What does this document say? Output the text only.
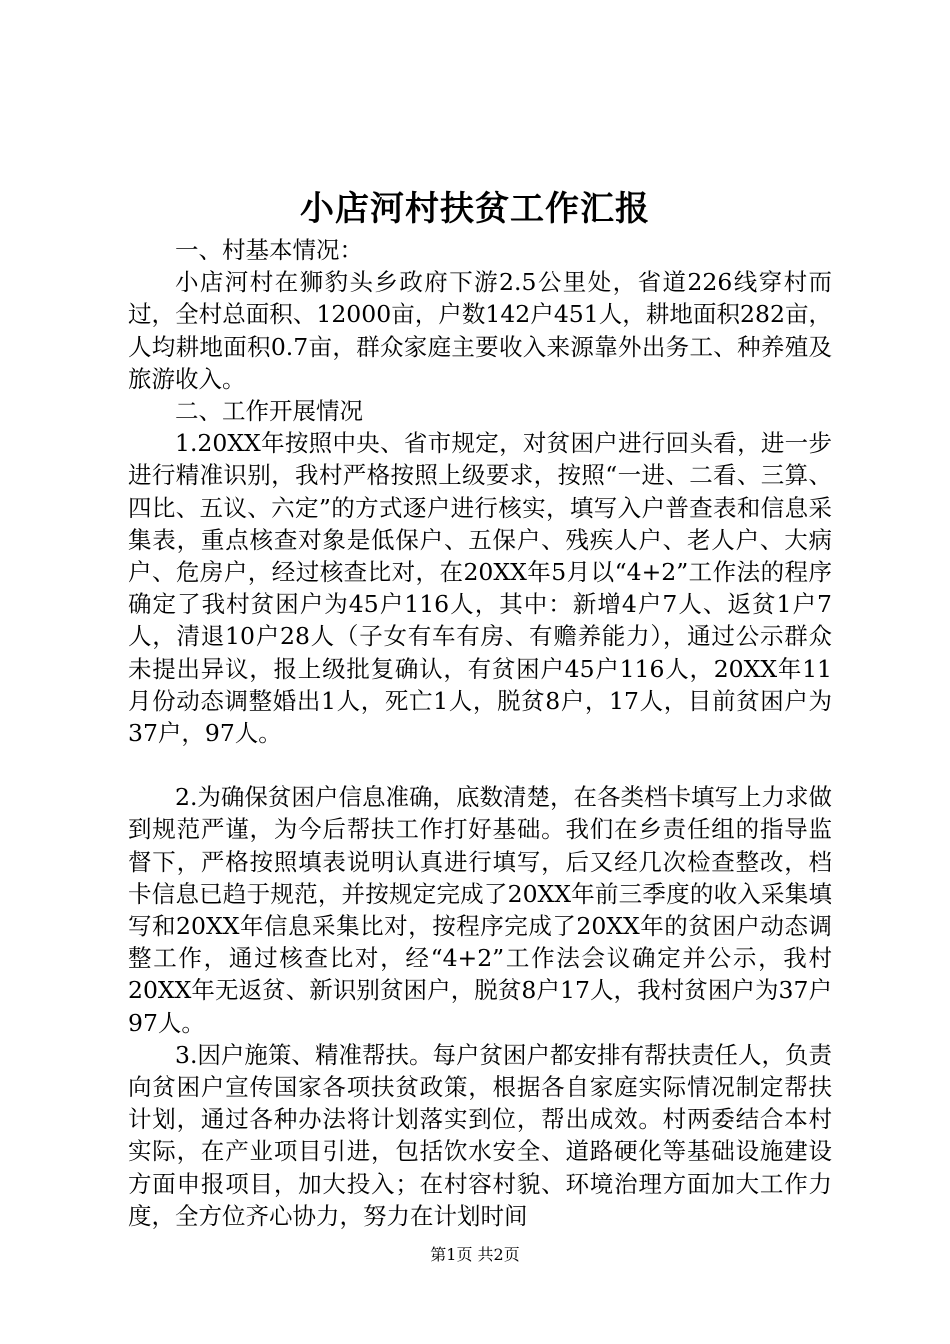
小店河村扶贫工作汇报

一、村基本情况：

小店河村在狮豹头乡政府下游2.5公里处，省道226线穿村而过，全村总面积、12000亩，户数142户451人，耕地面积282亩，人均耕地面积0.7亩，群众家庭主要收入来源靠外出务工、种养殖及旅游收入。

二、工作开展情况

1.20XX年按照中央、省市规定，对贫困户进行回头看，进一步进行精准识别，我村严格按照上级要求，按照“一进、二看、三算、四比、五议、六定”的方式逐户进行核实，填写入户普查表和信息采集表，重点核查对象是低保户、五保户、残疾人户、老人户、大病户、危房户，经过核查比对，在20XX年5月以“4+2”工作法的程序确定了我村贫困户为45户116人，其中：新增4户7人、返贫1户7人，清退10户28人（子女有车有房、有赡养能力），通过公示群众未提出异议，报上级批复确认，有贫困户45户116人，20XX年11月份动态调整婚出1人，死亡1人，脱贫8户，17人，目前贫困户为37户，97人。

2.为确保贫困户信息准确，底数清楚，在各类档卡填写上力求做到规范严谨，为今后帮扶工作打好基础。我们在乡责任组的指导监督下，严格按照填表说明认真进行填写，后又经几次检查整改，档卡信息已趋于规范，并按规定完成了20XX年前三季度的收入采集填写和20XX年信息采集比对，按程序完成了20XX年的贫困户动态调整工作，通过核查比对，经“4+2”工作法会议确定并公示，我村20XX年无返贫、新识别贫困户，脱贫8户17人，我村贫困户为37户97人。

3.因户施策、精准帮扶。每户贫困户都安排有帮扶责任人，负责向贫困户宣传国家各项扶贫政策，根据各自家庭实际情况制定帮扶计划，通过各种办法将计划落实到位，帮出成效。村两委结合本村实际，在产业项目引进，包括饮水安全、道路硬化等基础设施建设方面申报项目，加大投入；在村容村貌、环境治理方面加大工作力度，全方位齐心协力，努力在计划时间

第1页 共2页
